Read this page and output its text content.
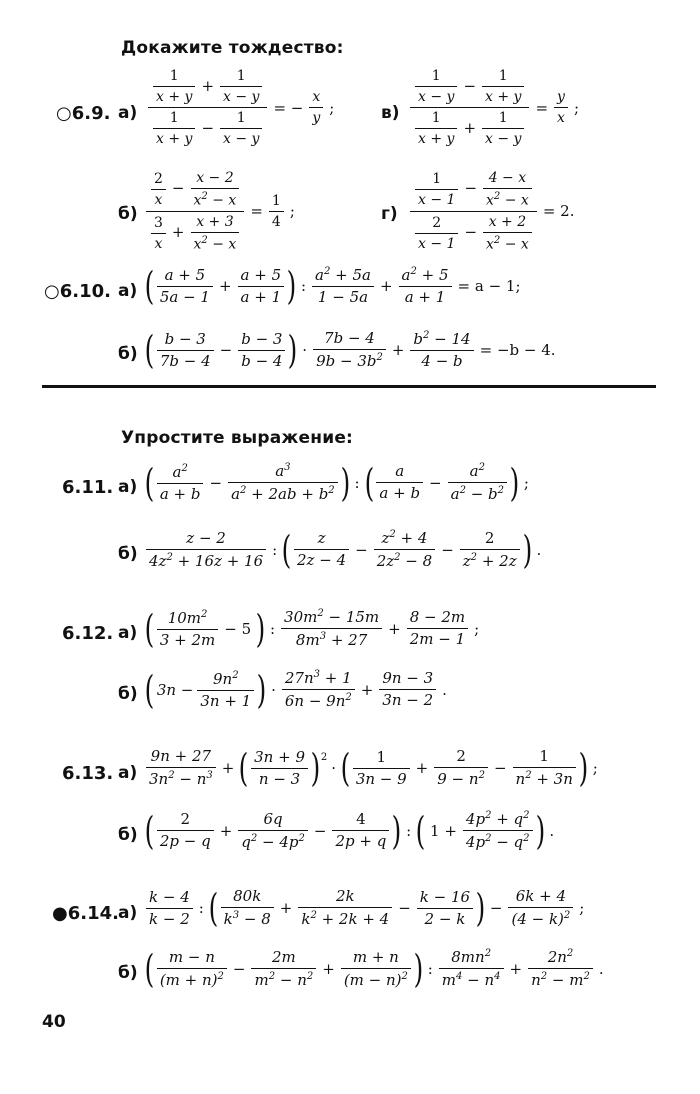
Докажите тождество:
○6.9. а)
$\frac{1}{x + y} + \frac{1}{x - y}$
$\frac{1}{x + y} - \frac{1}{x - y}$
= −
x
y
;	в)
$\frac{1}{x - y} - \frac{1}{x + y}$
$\frac{1}{x + y} + \frac{1}{x - y}$
=
y
x
;
б)
$\frac{2}{x} - \frac{x - 2}{x^2 - x}$
$\frac{3}{x} + \frac{x + 3}{x^2 - x}$
=
1
4
;	г)
$\frac{1}{x - 1} - \frac{4 - x}{x^2 - x}$
$\frac{2}{x - 1} - \frac{x + 2}{x^2 - x}$
= 2.
○6.10. а) ( a + 5
5a − 1
+
a + 5
a + 1 ) :
$a^2 + 5a$
1 − 5a
+
$a^2 + 5$
a + 1
= a − 1;
б) ( b − 3
7b − 4
−
b − 3
b − 4 ) ·
7b − 4
$9b - 3b^2$ +
$b^2 - 14$
4 − b
= −b − 4.
Упростите выражение:
6.11. а) ( $a^2$
a + b
−
$a^3$
$a^2 + 2ab + b^2$ ) : ( a
a + b
−
$a^2$
$a^2 - b^2$ ) ;
б)
z − 2
$4z^2 + 16z + 16$
: ( z
2z − 4
−
$z^2 + 4$
$2z^2 - 8$
−
2
$z^2 + 2z$ ) .
6.12. а) ( $10m^2$
3 + 2m
− 5 ) :
$30m^2 - 15m$
$8m^3 + 27$
+
8 − 2m
2m − 1
;
б) ( 3n −
$9n^2$
3n + 1 ) ·
$27n^3 + 1$
$6n - 9n^2$ +
9n − 3
3n − 2
.
6.13. а)
9n + 27
$3n^2 - n^3$ + ( 3n + 9
n − 3 )$^2$
· ( 1
3n − 9
+
2
$9 - n^2$ −
1
$n^2 + 3n$ ) ;
б) ( 2
2p − q
+
6q
$q^2 - 4p^2$ −
4
2p + q ) : ( 1 +
$4p^2 + q^2$
$4p^2 - q^2$ ) .
●6.14. а)
k − 4
k − 2
: ( 80k
$k^3 - 8$
+
2k
$k^2 + 2k + 4$
−
k − 16
2 − k ) −
6k + 4
$(4 - k)^2$ ;
б) ( m − n
$(m + n)^2$ −
2m
$m^2 - n^2$ +
m + n
$(m - n)^2$ ) :
$8mn^2$
$m^4 - n^4$ +
$2n^2$
$n^2 - m^2$ .
40
